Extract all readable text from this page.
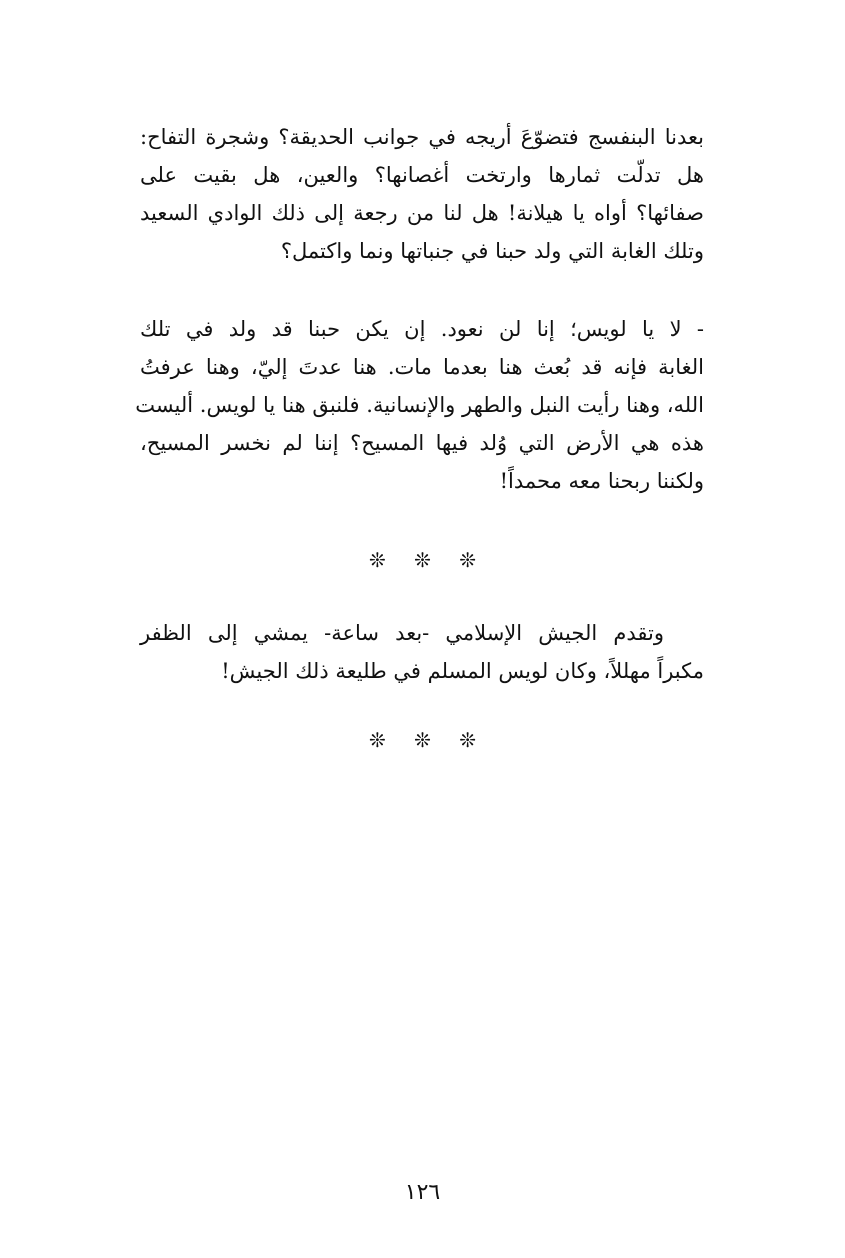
بعدنا البنفسج فتضوّعَ أريجه في جوانب الحديقة؟ وشجرة التفاح:
هل تدلّت ثمارها وارتخت أغصانها؟ والعين، هل بقيت على
صفائها؟ أواه يا هيلانة! هل لنا من رجعة إلى ذلك الوادي السعيد
وتلك الغابة التي ولد حبنا في جنباتها ونما واكتمل؟
- لا يا لويس؛ إنا لن نعود. إن يكن حبنا قد ولد في تلك
الغابة فإنه قد بُعث هنا بعدما مات. هنا عدتَ إليّ، وهنا عرفتُ
الله، وهنا رأيت النبل والطهر والإنسانية. فلنبق هنا يا لويس. أليست
هذه هي الأرض التي وُلد فيها المسيح؟ إننا لم نخسر المسيح،
ولكننا ربحنا معه محمداً!
❊ ❊ ❊
وتقدم الجيش الإسلامي -بعد ساعة- يمشي إلى الظفر
مكبراً مهللاً، وكان لويس المسلم في طليعة ذلك الجيش!
❊ ❊ ❊
١٢٦
